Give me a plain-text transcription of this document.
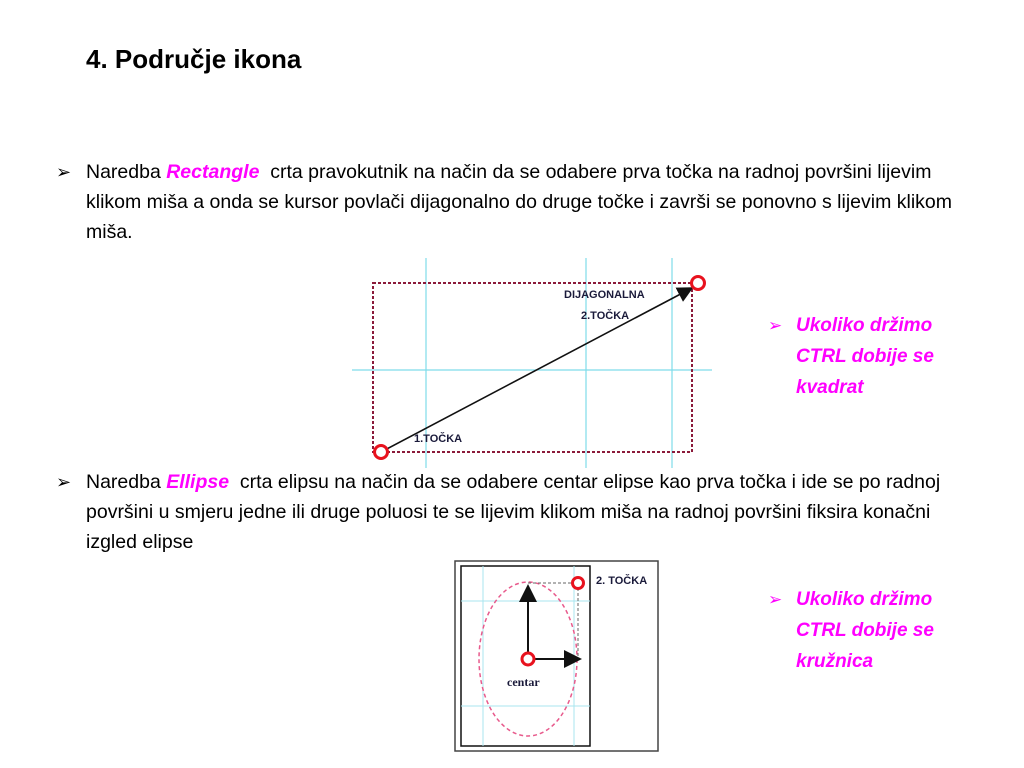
4. Područje ikona
➢ Naredba Rectangle  crta pravokutnik na način da se odabere prva točka na radnoj površini lijevim klikom miša a onda se kursor povlači dijagonalno do druge točke i završi se ponovno s lijevim klikom miša.
➢ Naredba Ellipse  crta elipsu na način da se odabere centar elipse kao prva točka i ide se po radnoj površini u smjeru jedne ili druge poluosi te se lijevim klikom miša na radnoj površini fiksira konačni izgled elipse
➢ Ukoliko držimo CTRL dobije se kvadrat
➢ Ukoliko držimo CTRL dobije se kružnica
DIJAGONALNA
2.TOČKA
1.TOČKA
2. TOČKA
centar
